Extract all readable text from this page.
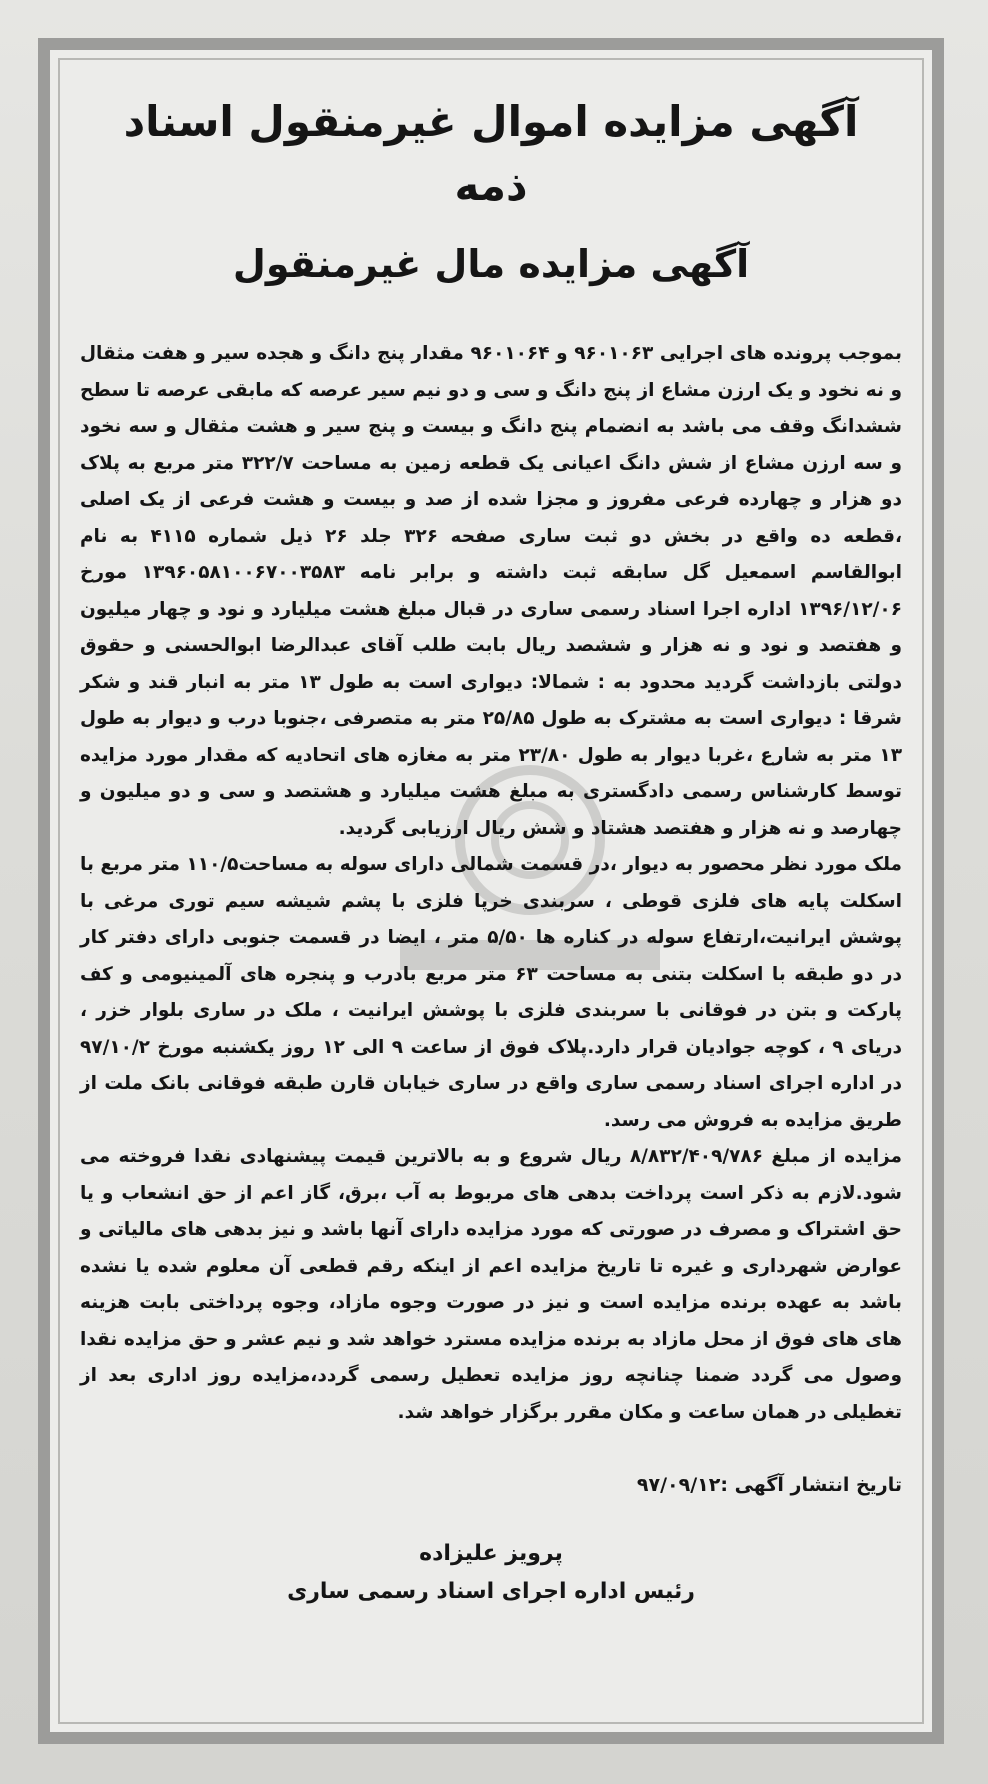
آگهی مزایده اموال غیرمنقول اسناد ذمه
آگهی مزایده مال غیرمنقول

بموجب پرونده های اجرایی ۹۶۰۱۰۶۳ و ۹۶۰۱۰۶۴ مقدار پنج دانگ و هجده سیر و هفت مثقال و نه نخود و یک ارزن مشاع از پنج دانگ و سی و دو نیم سیر عرصه که مابقی عرصه تا سطح ششدانگ وقف می باشد به انضمام پنج دانگ و بیست و پنج سیر و هشت مثقال و سه نخود و سه ارزن مشاع از شش دانگ اعیانی یک قطعه زمین به مساحت ۳۲۲/۷ متر مربع به پلاک دو هزار و چهارده فرعی مفروز و مجزا شده از صد و بیست و هشت فرعی از یک اصلی ،قطعه ده واقع در بخش دو ثبت ساری صفحه ۳۲۶ جلد ۲۶ ذیل شماره ۴۱۱۵ به نام ابوالقاسم اسمعیل گل سابقه ثبت داشته و برابر نامه ۱۳۹۶۰۵۸۱۰۰۶۷۰۰۳۵۸۳ مورخ ۱۳۹۶/۱۲/۰۶ اداره اجرا اسناد رسمی ساری در قبال مبلغ هشت میلیارد و نود و چهار میلیون و هفتصد و نود و نه هزار و ششصد ریال بابت طلب آقای عبدالرضا ابوالحسنی و حقوق دولتی بازداشت گردید محدود به : شمالا: دیواری است به طول ۱۳ متر به انبار قند و شکر شرقا : دیواری است به مشترک به طول ۲۵/۸۵ متر به متصرفی ،جنوبا درب و دیوار به طول ۱۳ متر به شارع ،غربا دیوار به طول ۲۳/۸۰ متر به مغازه های اتحادیه که مقدار مورد مزایده توسط کارشناس رسمی دادگستری به مبلغ هشت میلیارد و هشتصد و سی و دو میلیون و چهارصد و نه هزار و هفتصد هشتاد و شش ریال ارزیابی گردید.

ملک مورد نظر محصور به دیوار ،در قسمت شمالی دارای سوله به مساحت۱۱۰/۵ متر مربع با اسکلت پایه های فلزی قوطی ، سربندی خرپا فلزی با پشم شیشه سیم توری مرغی با پوشش ایرانیت،ارتفاع سوله در کناره ها ۵/۵۰ متر ، ایضا در قسمت جنوبی دارای دفتر کار در دو طبقه با اسکلت بتنی به مساحت ۶۳ متر مربع بادرب و پنجره های آلمینیومی و کف پارکت و بتن در فوقانی با سربندی فلزی با پوشش ایرانیت ، ملک در ساری بلوار خزر ، دریای ۹ ، کوچه جوادیان قرار دارد.پلاک فوق از ساعت ۹ الی ۱۲ روز یکشنبه مورخ ۹۷/۱۰/۲ در اداره اجرای اسناد رسمی ساری واقع در ساری خیابان قارن طبقه فوقانی بانک ملت از طریق مزایده به فروش می رسد.

مزایده از مبلغ ۸/۸۳۲/۴۰۹/۷۸۶ ریال شروع و به بالاترین قیمت پیشنهادی نقدا فروخته می شود.لازم به ذکر است پرداخت بدهی های مربوط به آب ،برق، گاز اعم از حق انشعاب و یا حق اشتراک و مصرف در صورتی که مورد مزایده دارای آنها باشد و نیز بدهی های مالیاتی و عوارض شهرداری و غیره تا تاریخ مزایده اعم از اینکه رقم قطعی آن معلوم شده یا نشده باشد به عهده برنده مزایده است و نیز در صورت وجوه مازاد، وجوه پرداختی بابت هزینه های های فوق از محل مازاد به برنده مزایده مسترد خواهد شد و نیم عشر و حق مزایده نقدا وصول می گردد ضمنا چنانچه روز مزایده تعطیل رسمی گردد،مزایده روز اداری بعد از تغطیلی در همان ساعت و مکان مقرر برگزار خواهد شد.

تاریخ انتشار آگهی :۹۷/۰۹/۱۲
پرویز علیزاده
رئیس اداره اجرای اسناد رسمی ساری
